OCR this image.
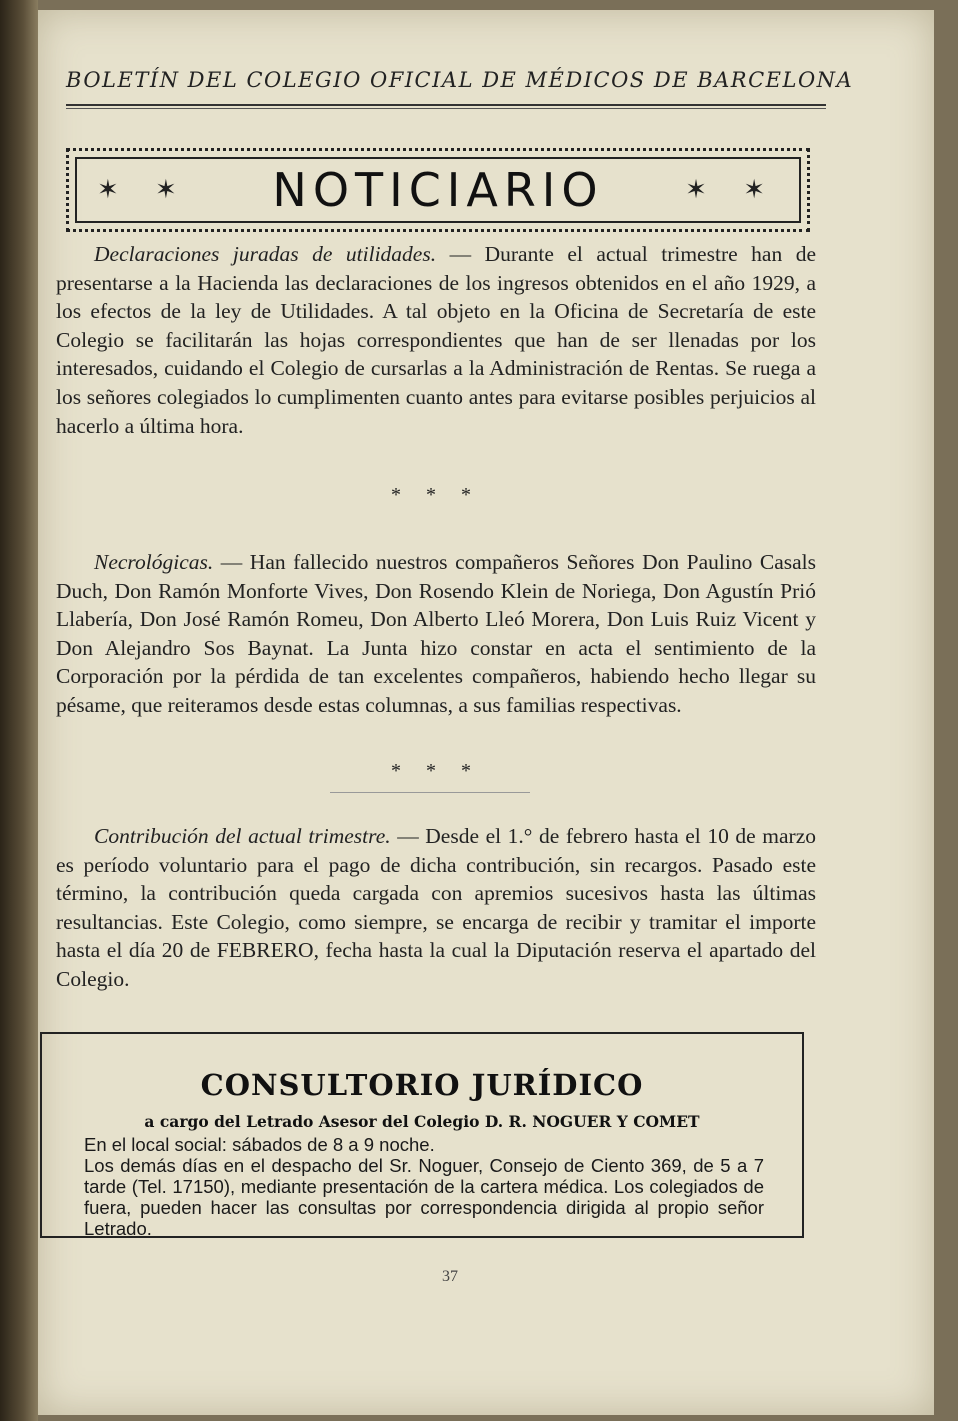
BOLETÍN DEL COLEGIO OFICIAL DE MÉDICOS DE BARCELONA
✶ ✶ NOTICIARIO	✶ ✶

Declaraciones juradas de utilidades. — Durante el actual trimestre han de presentarse a la Hacienda las declaraciones de los ingresos obtenidos en el año 1929, a los efectos de la ley de Utilidades. A tal objeto en la Oficina de Secretaría de este Colegio se facilitarán las hojas correspondientes que han de ser llenadas por los interesados, cuidando el Colegio de cursarlas a la Administración de Rentas. Se ruega a los señores colegiados lo cumplimenten cuanto antes para evitarse posibles perjuicios al hacerlo a última hora.

* * *

Necrológicas. — Han fallecido nuestros compañeros Señores Don Paulino Casals Duch, Don Ramón Monforte Vives, Don Rosendo Klein de Noriega, Don Agustín Prió Llabería, Don José Ramón Romeu, Don Alberto Lleó Morera, Don Luis Ruiz Vicent y Don Alejandro Sos Baynat. La Junta hizo constar en acta el sentimiento de la Corporación por la pérdida de tan excelentes compañeros, habiendo hecho llegar su pésame, que reiteramos desde estas columnas, a sus familias respectivas.

* * *

Contribución del actual trimestre. — Desde el 1.° de febrero hasta el 10 de marzo es período voluntario para el pago de dicha contribución, sin recargos. Pasado este término, la contribución queda cargada con apremios sucesivos hasta las últimas resultancias. Este Colegio, como siempre, se encarga de recibir y tramitar el importe hasta el día 20 de FEBRERO, fecha hasta la cual la Diputación reserva el apartado del Colegio.

CONSULTORIO JURÍDICO
a cargo del Letrado Asesor del Colegio D. R. NOGUER Y COMET
En el local social: sábados de 8 a 9 noche.
Los demás días en el despacho del Sr. Noguer, Consejo de Ciento 369, de 5 a 7 tarde (Tel. 17150), mediante presentación de la cartera médica. Los colegiados de fuera, pueden hacer las consultas por correspondencia dirigida al propio señor Letrado.
37
